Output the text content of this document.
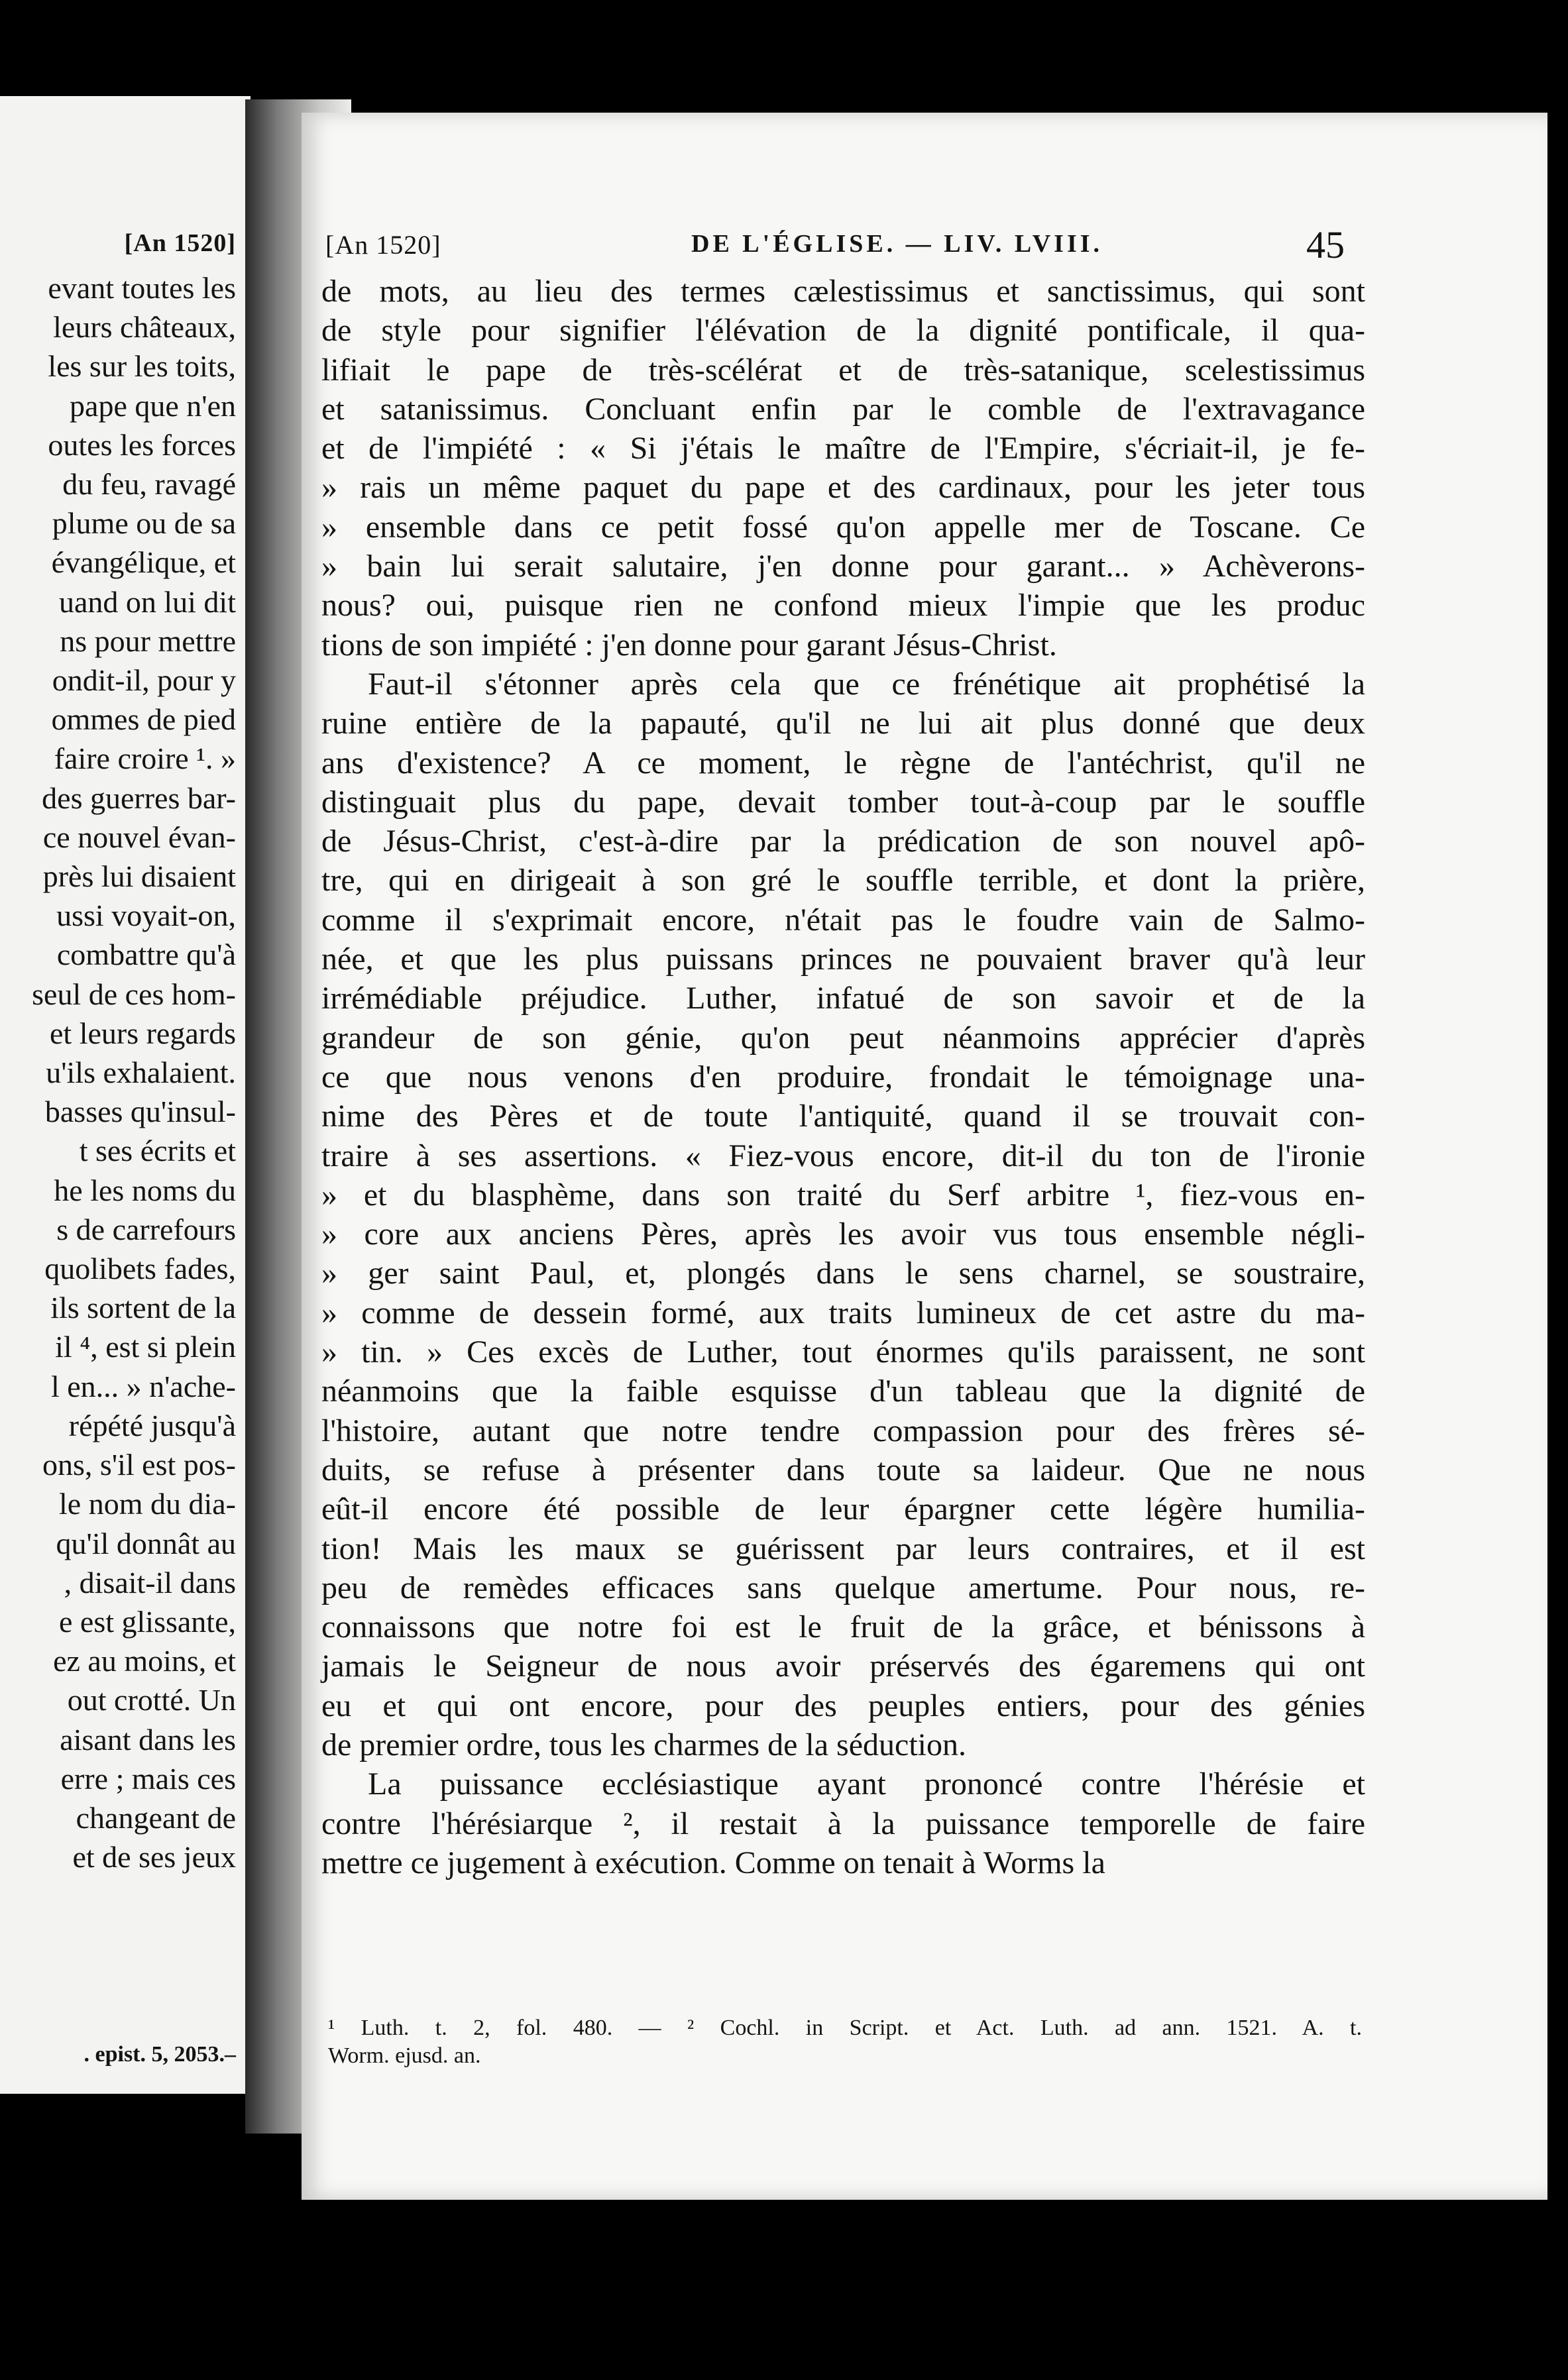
[An 1520]
evant toutes les
leurs châteaux,
les sur les toits,
pape que n'en
outes les forces
du feu, ravagé
plume ou de sa
évangélique, et
uand on lui dit
ns pour mettre
ondit-il, pour y
ommes de pied
faire croire ¹. »
des guerres bar-
ce nouvel évan-
près lui disaient
ussi voyait-on,
combattre qu'à
seul de ces hom-
et leurs regards
u'ils exhalaient.
basses qu'insul-
t ses écrits et
he les noms du
s de carrefours
quolibets fades,
ils sortent de la
il ⁴, est si plein
l en... » n'ache-
répété jusqu'à
ons, s'il est pos-
le nom du dia-
qu'il donnât au
, disait-il dans
e est glissante,
ez au moins, et
out crotté. Un
aisant dans les
erre ; mais ces
changeant de
et de ses jeux
. epist. 5, 2053.–
[An 1520]	DE L'ÉGLISE. — LIV. LVIII.	45
de mots, au lieu des termes cælestissimus et sanctissimus, qui sont
de style pour signifier l'élévation de la dignité pontificale, il qua-
lifiait le pape de très-scélérat et de très-satanique, scelestissimus
et satanissimus. Concluant enfin par le comble de l'extravagance
et de l'impiété : « Si j'étais le maître de l'Empire, s'écriait-il, je fe-
» rais un même paquet du pape et des cardinaux, pour les jeter tous
» ensemble dans ce petit fossé qu'on appelle mer de Toscane. Ce
» bain lui serait salutaire, j'en donne pour garant... » Achèverons-
nous? oui, puisque rien ne confond mieux l'impie que les produc
tions de son impiété : j'en donne pour garant Jésus-Christ.
Faut-il s'étonner après cela que ce frénétique ait prophétisé la
ruine entière de la papauté, qu'il ne lui ait plus donné que deux
ans d'existence? A ce moment, le règne de l'antéchrist, qu'il ne
distinguait plus du pape, devait tomber tout-à-coup par le souffle
de Jésus-Christ, c'est-à-dire par la prédication de son nouvel apô-
tre, qui en dirigeait à son gré le souffle terrible, et dont la prière,
comme il s'exprimait encore, n'était pas le foudre vain de Salmo-
née, et que les plus puissans princes ne pouvaient braver qu'à leur
irrémédiable préjudice. Luther, infatué de son savoir et de la
grandeur de son génie, qu'on peut néanmoins apprécier d'après
ce que nous venons d'en produire, frondait le témoignage una-
nime des Pères et de toute l'antiquité, quand il se trouvait con-
traire à ses assertions. « Fiez-vous encore, dit-il du ton de l'ironie
» et du blasphème, dans son traité du Serf arbitre ¹, fiez-vous en-
» core aux anciens Pères, après les avoir vus tous ensemble négli-
» ger saint Paul, et, plongés dans le sens charnel, se soustraire,
» comme de dessein formé, aux traits lumineux de cet astre du ma-
» tin. » Ces excès de Luther, tout énormes qu'ils paraissent, ne sont
néanmoins que la faible esquisse d'un tableau que la dignité de
l'histoire, autant que notre tendre compassion pour des frères sé-
duits, se refuse à présenter dans toute sa laideur. Que ne nous
eût-il encore été possible de leur épargner cette légère humilia-
tion! Mais les maux se guérissent par leurs contraires, et il est
peu de remèdes efficaces sans quelque amertume. Pour nous, re-
connaissons que notre foi est le fruit de la grâce, et bénissons à
jamais le Seigneur de nous avoir préservés des égaremens qui ont
eu et qui ont encore, pour des peuples entiers, pour des génies
de premier ordre, tous les charmes de la séduction.
La puissance ecclésiastique ayant prononcé contre l'hérésie et
contre l'hérésiarque ², il restait à la puissance temporelle de faire
mettre ce jugement à exécution. Comme on tenait à Worms la
¹ Luth. t. 2, fol. 480. — ² Cochl. in Script. et Act. Luth. ad ann. 1521. A. t.
Worm. ejusd. an.
